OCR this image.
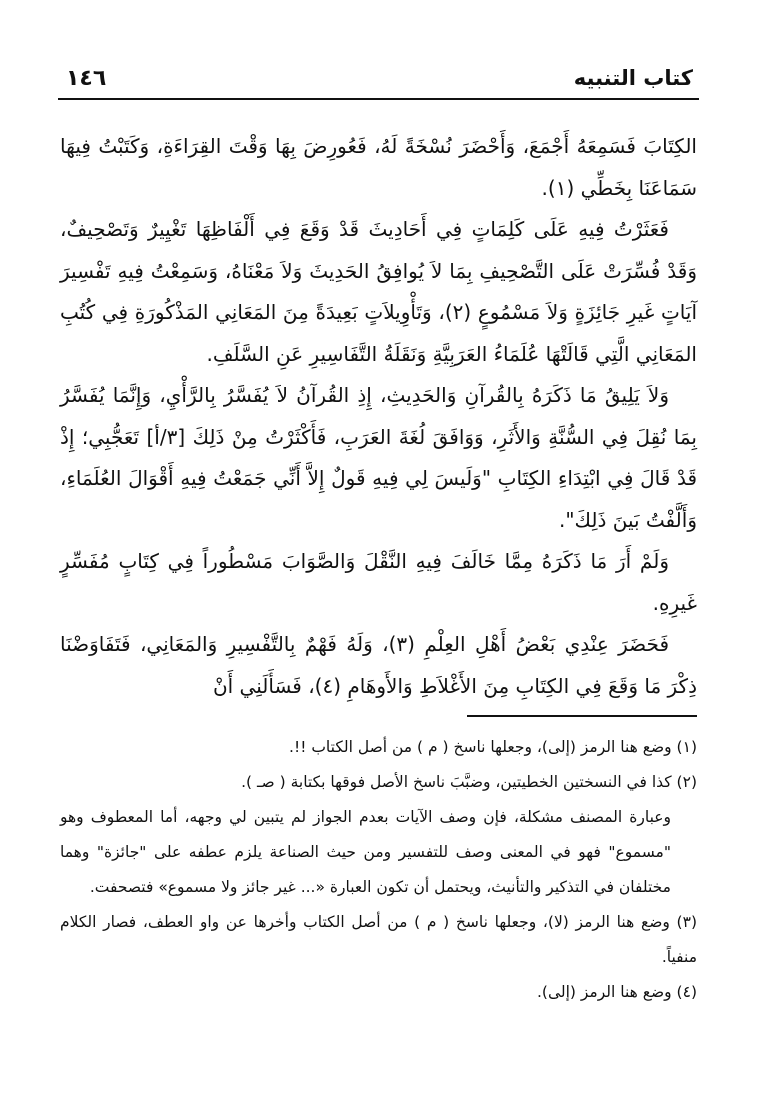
كتاب التنبيه
١٤٦

الكِتَابَ فَسَمِعَهُ أَجْمَعَ، وَأَحْضَرَ نُسْخَةً لَهُ، فَعُورِضَ بِهَا وَقْتَ القِرَاءَةِ، وَكَتَبْتُ فِيهَا سَمَاعَنَا بِخَطِّي (١).

فَعَثَرْتُ فِيهِ عَلَى كَلِمَاتٍ فِي أَحَادِيثَ قَدْ وَقَعَ فِي أَلْفَاظِهَا تَغْيِيرٌ وَتَصْحِيفٌ، وَقَدْ فُسِّرَتْ عَلَى التَّصْحِيفِ بِمَا لاَ يُوافِقُ الحَدِيثَ وَلاَ مَعْنَاهُ، وَسَمِعْتُ فِيهِ تَفْسِيرَ آيَاتٍ غَيرِ جَائِزَةٍ وَلاَ مَسْمُوعٍ (٢)، وَتَأْوِيلاَتٍ بَعِيدَةً مِنَ المَعَانِي المَذْكُورَةِ فِي كُتُبِ المَعَانِي الَّتِي قَالَتْهَا عُلَمَاءُ العَرَبِيَّةِ وَنَقَلَةُ التَّفَاسِيرِ عَنِ السَّلَفِ.

وَلاَ يَلِيقُ مَا ذَكَرَهُ بِالقُرآنِ وَالحَدِيثِ، إِذِ القُرآنُ لاَ يُفَسَّرُ بِالرَّأْيِ، وَإِنَّمَا يُفَسَّرُ بِمَا نُقِلَ فِي السُّنَّةِ وَالأَثَرِ، وَوَافَقَ لُغَةَ العَرَبِ، فَأَكْثَرْتُ مِنْ ذَلِكَ [٣/أ] تَعَجُّبِي؛ إِذْ قَدْ قَالَ فِي ابْتِدَاءِ الكِتَابِ "وَلَيسَ لِي فِيهِ قَولٌ إِلاَّ أَنِّي جَمَعْتُ فِيهِ أَقْوَالَ العُلَمَاءِ، وَأَلَّفْتُ بَينَ ذَلِكَ".

وَلَمْ أَرَ مَا ذَكَرَهُ مِمَّا خَالَفَ فِيهِ النَّقْلَ وَالصَّوَابَ مَسْطُوراً فِي كِتَابٍ مُفَسِّرٍ غَيرِهِ.

فَحَضَرَ عِنْدِي بَعْضُ أَهْلِ العِلْمِ (٣)، وَلَهُ فَهْمٌ بِالتَّفْسِيرِ وَالمَعَانِي، فَتَفَاوَضْنَا ذِكْرَ مَا وَقَعَ فِي الكِتَابِ مِنَ الأَغْلاَطِ وَالأَوهَامِ (٤)، فَسَأَلَنِي أَنْ

(١) وضع هنا الرمز (إلى)، وجعلها ناسخ ( م ) من أصل الكتاب !!.

(٢) كذا في النسختين الخطيتين، وضبَّبَ ناسخ الأصل فوقها بكتابة ( صـ ).

وعبارة المصنف مشكلة، فإن وصف الآيات بعدم الجواز لم يتبين لي وجهه، أما المعطوف وهو "مسموع" فهو في المعنى وصف للتفسير ومن حيث الصناعة يلزم عطفه على "جائزة" وهما مختلفان في التذكير والتأنيث، ويحتمل أن تكون العبارة «... غير جائز ولا مسموع» فتصحفت.

(٣) وضع هنا الرمز (لا)، وجعلها ناسخ ( م ) من أصل الكتاب وأخرها عن واو العطف، فصار الكلام منفياً.

(٤) وضع هنا الرمز (إلى).
